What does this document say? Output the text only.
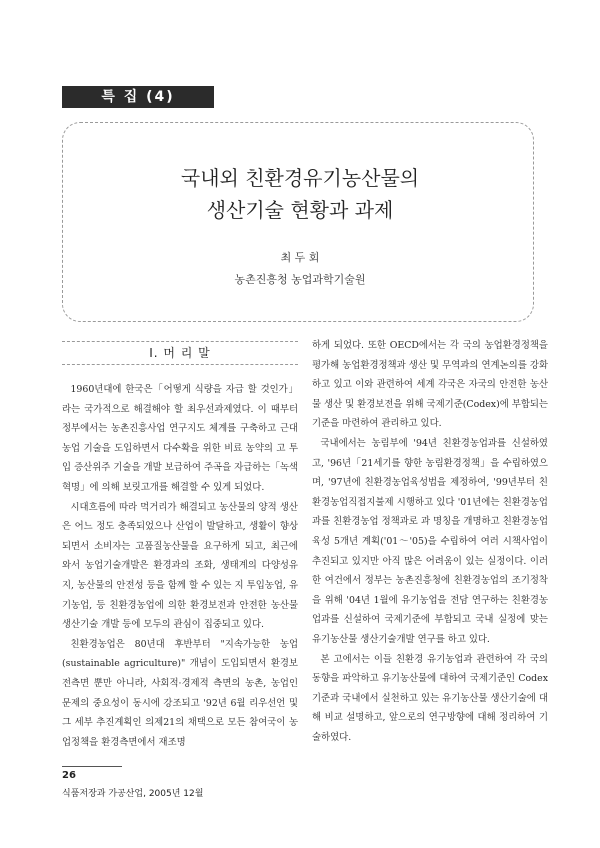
특 집 (4)
국내외 친환경유기농산물의
생산기술 현황과 과제
최 두 회
농촌진흥청 농업과학기술원
Ⅰ. 머 리 말

1960년대에 한국은「어떻게 식량을 자급 할 것인가」라는 국가적으로 해결해야 할 최우선과제였다. 이 때부터 정부에서는 농촌진흥사업 연구지도 체계를 구축하고 근대농업 기술을 도입하면서 다수확을 위한 비료 농약의 고 투입 증산위주 기술을 개발 보급하여 주곡을 자급하는「녹색혁명」에 의해 보릿고개를 해결할 수 있게 되었다.

시대흐름에 따라 먹거리가 해결되고 농산물의 양적 생산은 어느 정도 충족되었으나 산업이 발달하고, 생활이 향상되면서 소비자는 고품질농산물을 요구하게 되고, 최근에 와서 농업기술개발은 환경과의 조화, 생태계의 다양성유지, 농산물의 안전성 등을 함께 할 수 있는 지 투입농업, 유기농업, 등 친환경농업에 의한 환경보전과 안전한 농산물 생산기술 개발 등에 모두의 관심이 집중되고 있다.

친환경농업은 80년대 후반부터 "지속가능한 농업(sustainable agriculture)" 개념이 도입되면서 환경보전측면 뿐만 아니라, 사회적·경제적 측면의 농촌, 농업인 문제의 중요성이 동시에 강조되고 '92년 6월 리우선언 및 그 세부 추진계획인 의제21의 채택으로 모든 참여국이 농업정책을 환경측면에서 재조명

하게 되었다. 또한 OECD에서는 각 국의 농업환경정책을 평가해 농업환경정책과 생산 및 무역과의 연계논의를 강화하고 있고 이와 관련하여 세계 각국은 자국의 안전한 농산물 생산 및 환경보전을 위해 국제기준(Codex)에 부합되는 기준을 마련하여 관리하고 있다.

국내에서는 농림부에 '94년 친환경농업과를 신설하였고, '96년「21세기를 향한 농림환경정책」을 수립하였으며, '97년에 친환경농업육성법을 제정하여, '99년부터 친환경농업직접지불제 시행하고 있다 '01년에는 친환경농업과를 친환경농업 정책과로 과 명칭을 개명하고 친환경농업육성 5개년 계획('01～'05)을 수립하여 여러 시책사업이 추진되고 있지만 아직 많은 어려움이 있는 실정이다. 이러한 여건에서 정부는 농촌진흥청에 친환경농업의 조기정착을 위해 '04년 1월에 유기농업을 전담 연구하는 친환경농업과를 신설하여 국제기준에 부합되고 국내 실정에 맞는 유기농산물 생산기술개발 연구를 하고 있다.

본 고에서는 이들 친환경 유기농업과 관련하여 각 국의 동향을 파악하고 유기농산물에 대하여 국제기준인 Codex 기준과 국내에서 실천하고 있는 유기농산물 생산기술에 대해 비교 설명하고, 앞으로의 연구방향에 대해 정리하여 기술하였다.

26
식품저장과 가공산업, 2005년 12월
